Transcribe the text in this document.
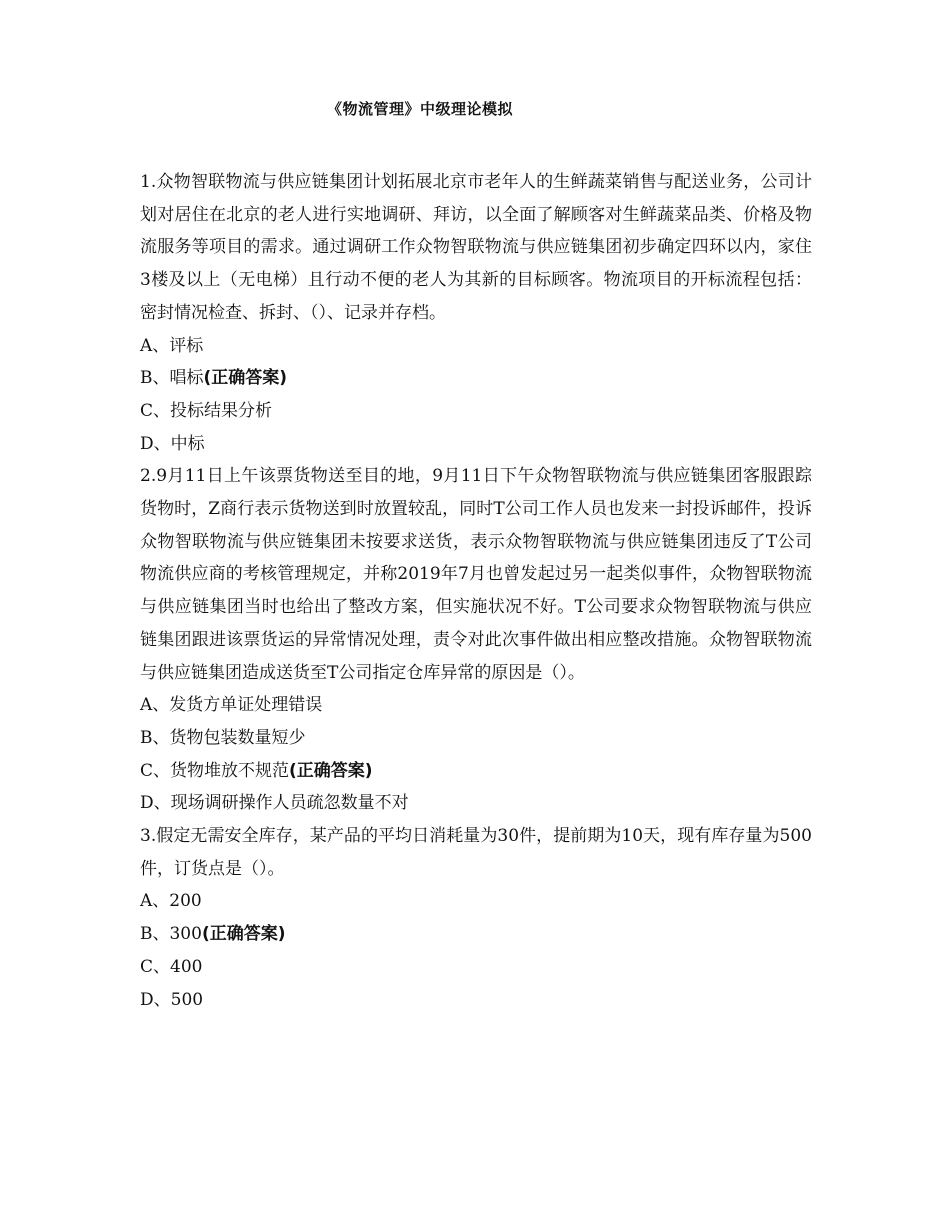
《物流管理》中级理论模拟

1.众物智联物流与供应链集团计划拓展北京市老年人的生鲜蔬菜销售与配送业务，公司计划对居住在北京的老人进行实地调研、拜访，以全面了解顾客对生鲜蔬菜品类、价格及物流服务等项目的需求。通过调研工作众物智联物流与供应链集团初步确定四环以内，家住3楼及以上（无电梯）且行动不便的老人为其新的目标顾客。物流项目的开标流程包括：密封情况检查、拆封、（）、记录并存档。

A、评标

B、唱标(正确答案)

C、投标结果分析

D、中标

2.9月11日上午该票货物送至目的地，9月11日下午众物智联物流与供应链集团客服跟踪货物时，Z商行表示货物送到时放置较乱，同时T公司工作人员也发来一封投诉邮件，投诉众物智联物流与供应链集团未按要求送货，表示众物智联物流与供应链集团违反了T公司物流供应商的考核管理规定，并称2019年7月也曾发起过另一起类似事件，众物智联物流与供应链集团当时也给出了整改方案，但实施状况不好。T公司要求众物智联物流与供应链集团跟进该票货运的异常情况处理，责令对此次事件做出相应整改措施。众物智联物流与供应链集团造成送货至T公司指定仓库异常的原因是（）。

A、发货方单证处理错误

B、货物包装数量短少

C、货物堆放不规范(正确答案)

D、现场调研操作人员疏忽数量不对

3.假定无需安全库存，某产品的平均日消耗量为30件，提前期为10天，现有库存量为500件，订货点是（）。

A、200

B、300(正确答案)

C、400

D、500
